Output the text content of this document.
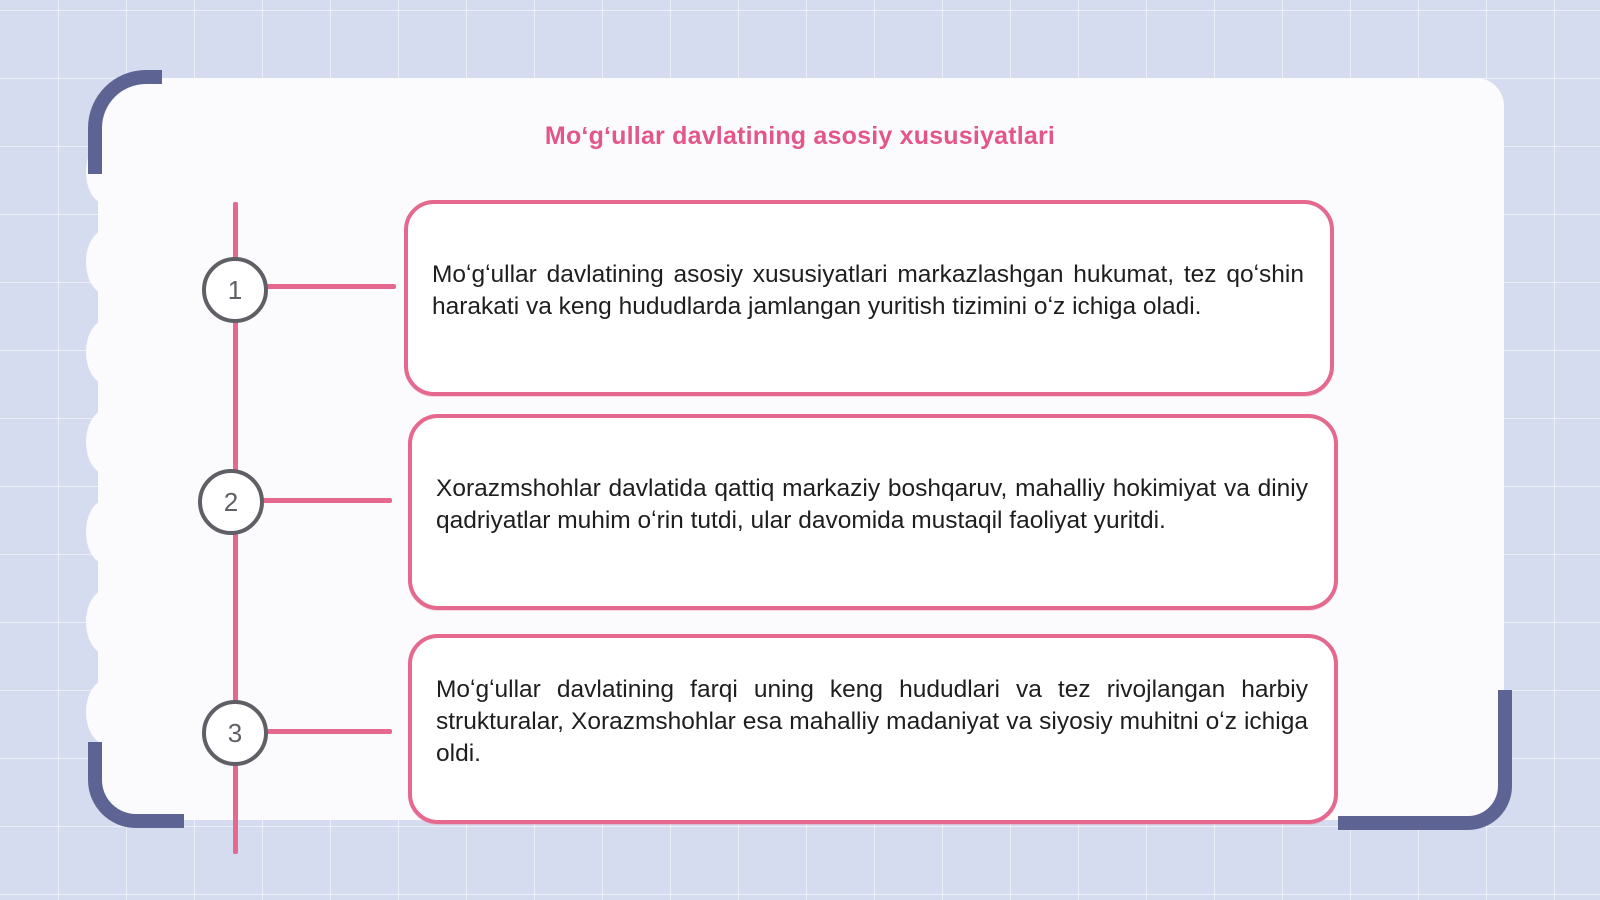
Moʻgʻullar davlatining asosiy xususiyatlari
1
2
3

Moʻgʻullar davlatining asosiy xususiyatlari markazlashgan hukumat, tez qoʻshin harakati va keng hududlarda jamlangan yuritish tizimini oʻz ichiga oladi.

Xorazmshohlar davlatida qattiq markaziy boshqaruv, mahalliy hokimiyat va diniy qadriyatlar muhim oʻrin tutdi, ular davomida mustaqil faoliyat yuritdi.

Moʻgʻullar davlatining farqi uning keng hududlari va tez rivojlangan harbiy strukturalar, Xorazmshohlar esa mahalliy madaniyat va siyosiy muhitni oʻz ichiga oldi.
